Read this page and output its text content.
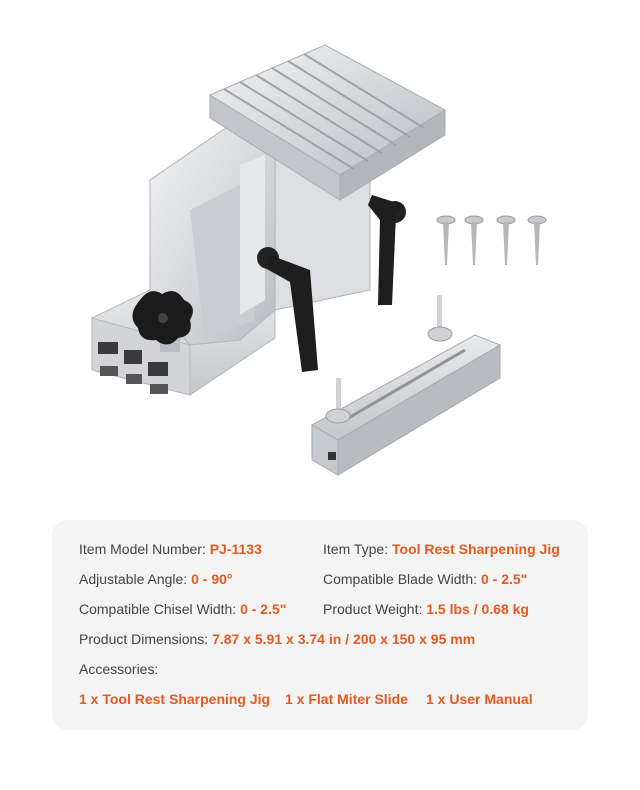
Item Model Number: PJ-1133	Item Type: Tool Rest Sharpening Jig
Adjustable Angle: 0 - 90°	Compatible Blade Width: 0 - 2.5"
Compatible Chisel Width: 0 - 2.5"	Product Weight: 1.5 lbs / 0.68 kg
Product Dimensions: 7.87 x 5.91 x 3.74 in / 200 x 150 x 95 mm
Accessories:
1 x Tool Rest Sharpening Jig 1 x Flat Miter Slide 1 x User Manual
